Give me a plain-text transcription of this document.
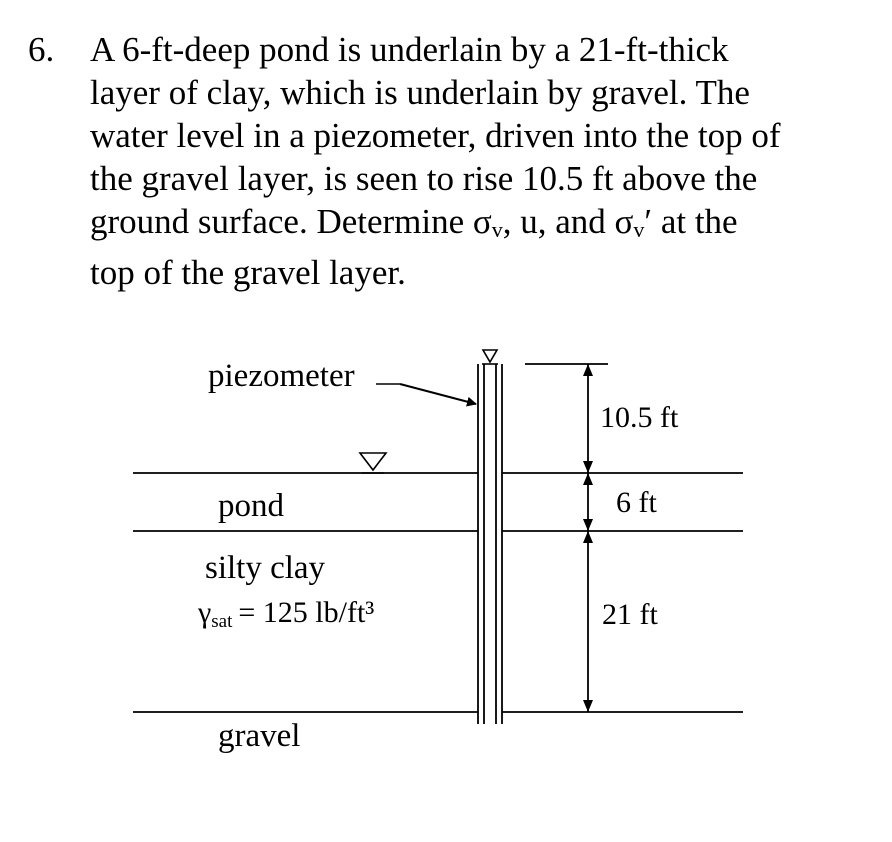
6. A 6-ft-deep pond is underlain by a 21-ft-thick
layer of clay, which is underlain by gravel. The
water level in a piezometer, driven into the top of
the gravel layer, is seen to rise 10.5 ft above the
ground surface. Determine σv, u, and σv′ at the
top of the gravel layer.
piezometer
pond
silty clay
γsat = 125 lb/ft³
gravel
10.5 ft
6 ft
21 ft
